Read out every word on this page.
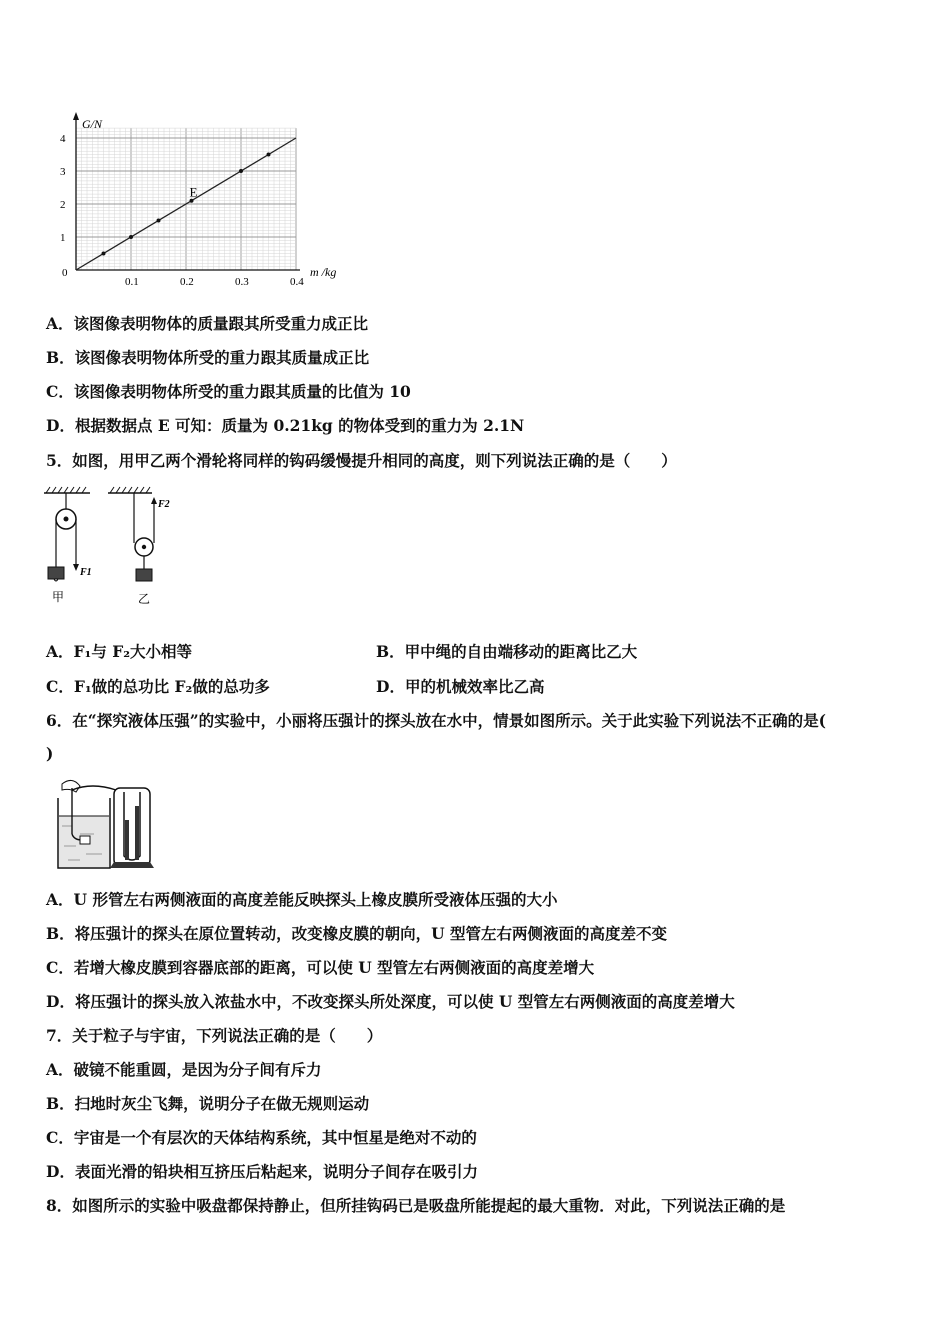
G/N
m /kg
0
1
2
3
4
0.1	0.2	0.3	0.4
E
A．该图像表明物体的质量跟其所受重力成正比
B．该图像表明物体所受的重力跟其质量成正比
C．该图像表明物体所受的重力跟其质量的比值为 10
D．根据数据点 E 可知：质量为 0.21kg 的物体受到的重力为 2.1N
5．如图，用甲乙两个滑轮将同样的钩码缓慢提升相同的高度，则下列说法正确的是（　　）
F1
甲
F2
乙
A．F₁与 F₂大小相等	B．甲中绳的自由端移动的距离比乙大
C．F₁做的总功比 F₂做的总功多	D．甲的机械效率比乙高
6．在“探究液体压强”的实验中，小丽将压强计的探头放在水中，情景如图所示。关于此实验下列说法不正确的是(
)
A．U 形管左右两侧液面的高度差能反映探头上橡皮膜所受液体压强的大小
B．将压强计的探头在原位置转动，改变橡皮膜的朝向，U 型管左右两侧液面的高度差不变
C．若增大橡皮膜到容器底部的距离，可以使 U 型管左右两侧液面的高度差增大
D．将压强计的探头放入浓盐水中，不改变探头所处深度，可以使 U 型管左右两侧液面的高度差增大
7．关于粒子与宇宙，下列说法正确的是（　　）
A．破镜不能重圆，是因为分子间有斥力
B．扫地时灰尘飞舞，说明分子在做无规则运动
C．宇宙是一个有层次的天体结构系统，其中恒星是绝对不动的
D．表面光滑的铅块相互挤压后粘起来，说明分子间存在吸引力
8．如图所示的实验中吸盘都保持静止，但所挂钩码已是吸盘所能提起的最大重物．对此，下列说法正确的是
